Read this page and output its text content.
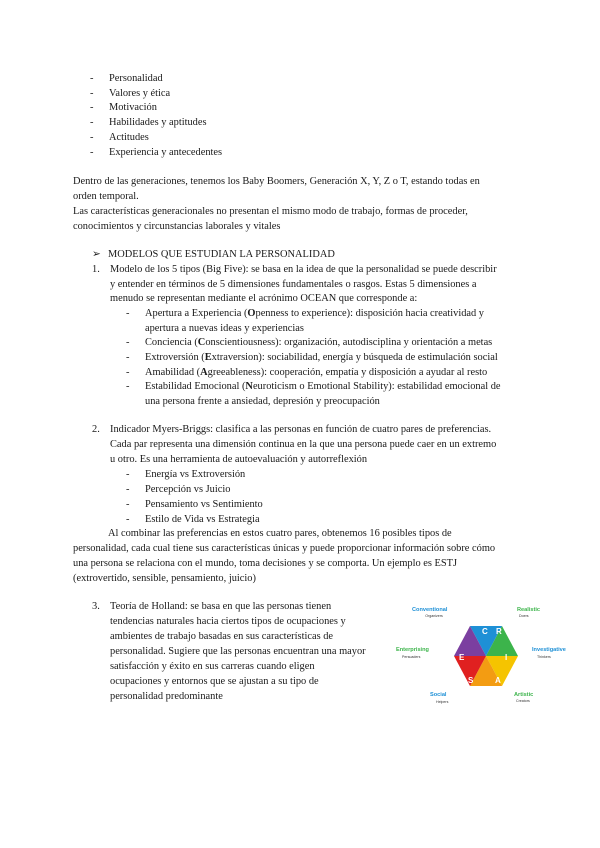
- Personalidad
- Valores y ética
- Motivación
- Habilidades y aptitudes
- Actitudes
- Experiencia y antecedentes
Dentro de las generaciones, tenemos los Baby Boomers, Generación X, Y, Z o T, estando todas en
orden temporal.
Las características generacionales no presentan el mismo modo de trabajo, formas de proceder,
conocimientos y circunstancias laborales y vitales
➢ MODELOS QUE ESTUDIAN LA PERSONALIDAD
1. Modelo de los 5 tipos (Big Five): se basa en la idea de que la personalidad se puede describir
y entender en términos de 5 dimensiones fundamentales o rasgos. Estas 5 dimensiones a
menudo se representan mediante el acrónimo OCEAN que corresponde a:
- Apertura a Experiencia (Openness to experience): disposición hacia creatividad y
apertura a nuevas ideas y experiencias
- Conciencia (Conscientiousness): organización, autodisciplina y orientación a metas
- Extroversión (Extraversion): sociabilidad, energía y búsqueda de estimulación social
- Amabilidad (Agreeableness): cooperación, empatía y disposición a ayudar al resto
- Estabilidad Emocional (Neuroticism o Emotional Stability): estabilidad emocional de
una persona frente a ansiedad, depresión y preocupación
2. Indicador Myers-Briggs: clasifica a las personas en función de cuatro pares de preferencias.
Cada par representa una dimensión continua en la que una persona puede caer en un extremo
u otro. Es una herramienta de autoevaluación y autorreflexión
- Energía vs Extroversión
- Percepción vs Juicio
- Pensamiento vs Sentimiento
- Estilo de Vida vs Estrategia
Al combinar las preferencias en estos cuatro pares, obtenemos 16 posibles tipos de
personalidad, cada cual tiene sus características únicas y puede proporcionar información sobre cómo
una persona se relaciona con el mundo, toma decisiones y se comporta. Un ejemplo es ESTJ
(extrovertido, sensible, pensamiento, juicio)
3. Teoría de Holland: se basa en que las personas tienen
tendencias naturales hacia ciertos tipos de ocupaciones y
ambientes de trabajo basadas en sus características de
personalidad. Sugiere que las personas encuentran una mayor
satisfacción y éxito en sus carreras cuando eligen
ocupaciones y entornos que se ajustan a su tipo de
personalidad predominante
C R
I
A
S
E
Conventional
Organizers
Realistic
Doers
Investigative
Thinkers
Artistic
Creators
Social
Helpers
Enterprising
Persuaders
